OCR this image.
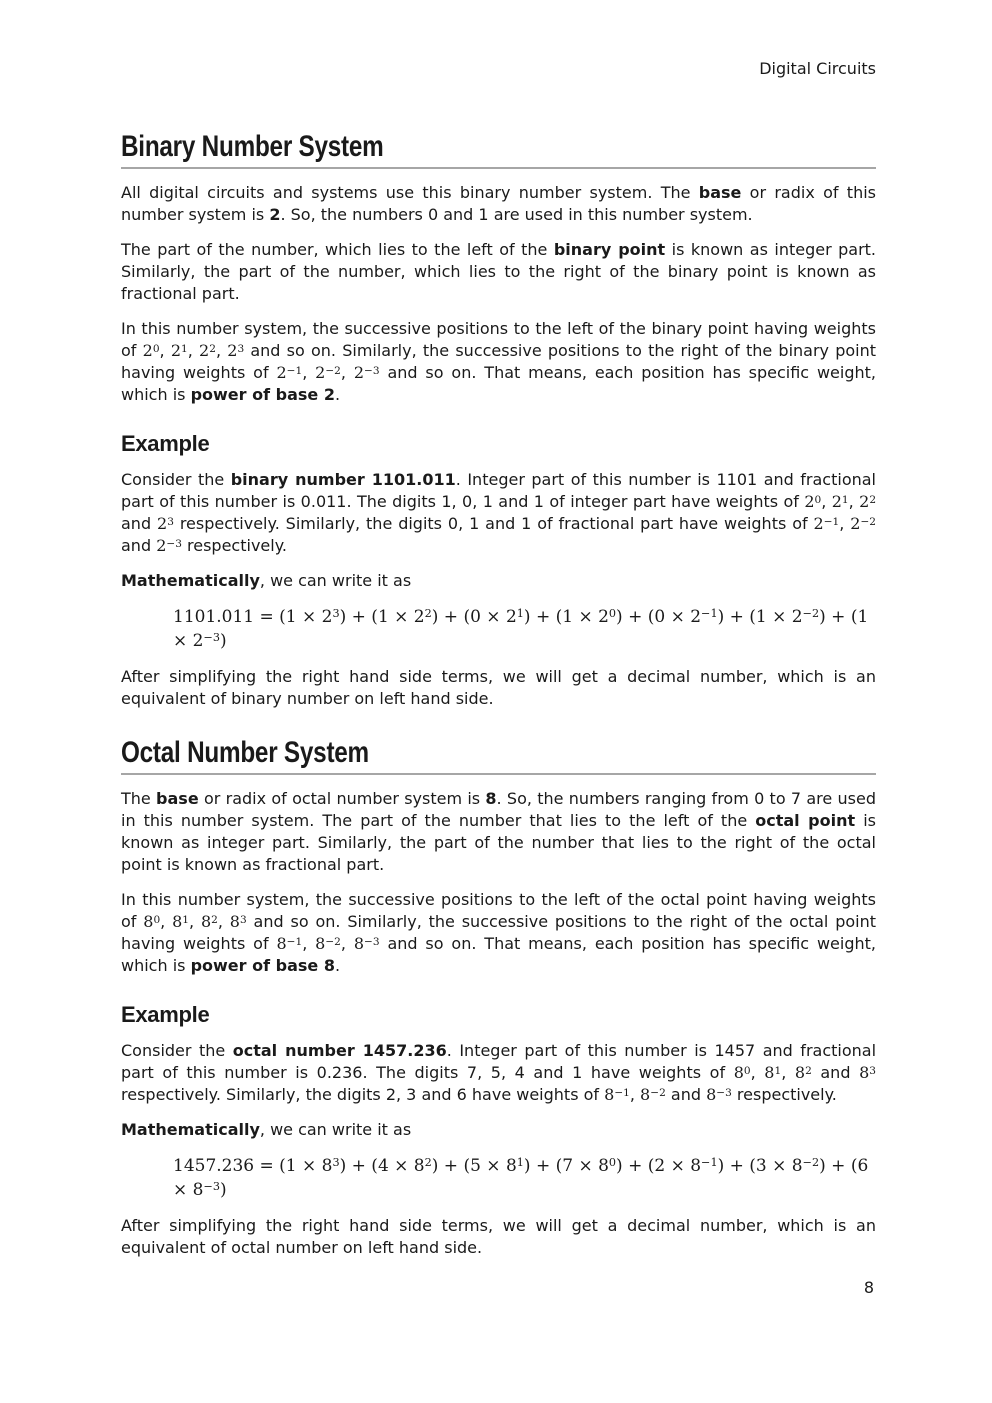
Digital Circuits
Binary Number System

All digital circuits and systems use this binary number system. The base or radix of this number system is 2. So, the numbers 0 and 1 are used in this number system.

The part of the number, which lies to the left of the binary point is known as integer part. Similarly, the part of the number, which lies to the right of the binary point is known as fractional part.

In this number system, the successive positions to the left of the binary point having weights of $2^0$, $2^1$, $2^2$, $2^3$ and so on. Similarly, the successive positions to the right of the binary point having weights of $2^{-1}$, $2^{-2}$, $2^{-3}$ and so on. That means, each position has specific weight, which is power of base 2.

Example

Consider the binary number 1101.011. Integer part of this number is 1101 and fractional part of this number is 0.011. The digits 1, 0, 1 and 1 of integer part have weights of $2^0$, $2^1$, $2^2$ and $2^3$ respectively. Similarly, the digits 0, 1 and 1 of fractional part have weights of $2^{-1}$, $2^{-2}$ and $2^{-3}$ respectively.

Mathematically, we can write it as

$1101.011 = (1 \times 2^3) + (1 \times 2^2) + (0 \times 2^1) + (1 \times 2^0) + (0 \times 2^{-1}) + (1 \times 2^{-2}) + (1 \times 2^{-3})$

After simplifying the right hand side terms, we will get a decimal number, which is an equivalent of binary number on left hand side.

Octal Number System

The base or radix of octal number system is 8. So, the numbers ranging from 0 to 7 are used in this number system. The part of the number that lies to the left of the octal point is known as integer part. Similarly, the part of the number that lies to the right of the octal point is known as fractional part.

In this number system, the successive positions to the left of the octal point having weights of $8^0$, $8^1$, $8^2$, $8^3$ and so on. Similarly, the successive positions to the right of the octal point having weights of $8^{-1}$, $8^{-2}$, $8^{-3}$ and so on. That means, each position has specific weight, which is power of base 8.

Example

Consider the octal number 1457.236. Integer part of this number is 1457 and fractional part of this number is 0.236. The digits 7, 5, 4 and 1 have weights of $8^0$, $8^1$, $8^2$ and $8^3$ respectively. Similarly, the digits 2, 3 and 6 have weights of $8^{-1}$, $8^{-2}$ and $8^{-3}$ respectively.

Mathematically, we can write it as

$1457.236 = (1 \times 8^3) + (4 \times 8^2) + (5 \times 8^1) + (7 \times 8^0) + (2 \times 8^{-1}) + (3 \times 8^{-2}) + (6 \times 8^{-3})$

After simplifying the right hand side terms, we will get a decimal number, which is an equivalent of octal number on left hand side.

8
